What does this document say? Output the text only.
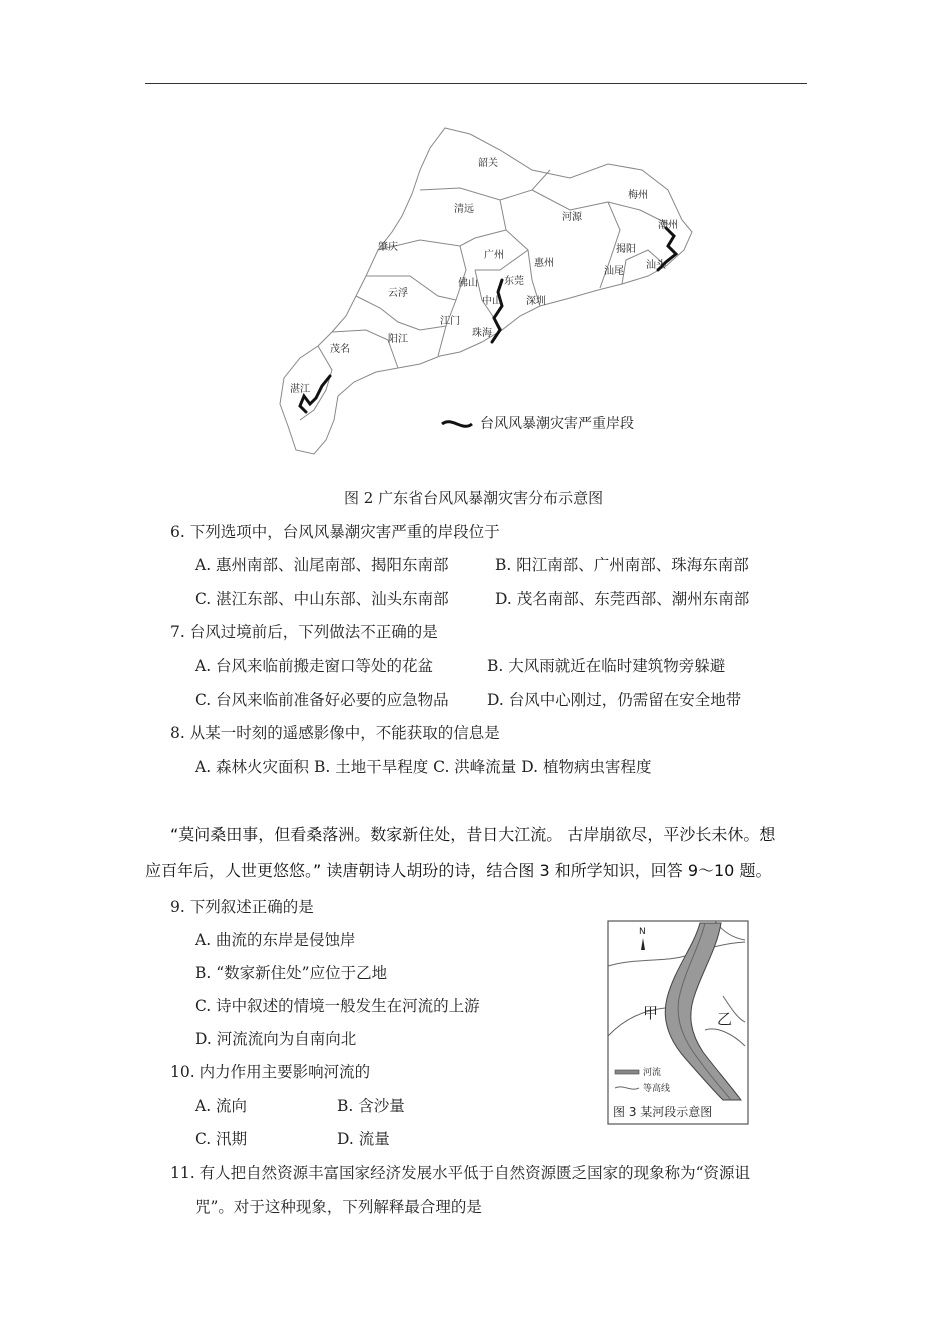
韶关
梅州
清远
河源
肇庆
广州
惠州
揭阳
潮州
佛山	东莞
汕尾
汕头
云浮
深圳
中山
江门
珠海
阳江
茂名
湛江
台风风暴潮灾害严重岸段
图 2 广东省台风风暴潮灾害分布示意图
6. 下列选项中，台风风暴潮灾害严重的岸段位于
A. 惠州南部、汕尾南部、揭阳东南部	B. 阳江南部、广州南部、珠海东南部
C. 湛江东部、中山东部、汕头东南部	D. 茂名南部、东莞西部、潮州东南部
7. 台风过境前后，下列做法不正确的是
A. 台风来临前搬走窗口等处的花盆	B. 大风雨就近在临时建筑物旁躲避
C. 台风来临前准备好必要的应急物品 D. 台风中心刚过，仍需留在安全地带
8. 从某一时刻的遥感影像中，不能获取的信息是
A. 森林火灾面积 B. 土地干旱程度 C. 洪峰流量 D. 植物病虫害程度
“莫问桑田事，但看桑落洲。数家新住处，昔日大江流。 古岸崩欲尽，平沙长未休。想
应百年后，人世更悠悠。” 读唐朝诗人胡玢的诗，结合图 3 和所学知识，回答 9～10 题。
9. 下列叙述正确的是
A. 曲流的东岸是侵蚀岸
B. “数家新住处”应位于乙地
C. 诗中叙述的情境一般发生在河流的上游
D. 河流流向为自南向北
10. 内力作用主要影响河流的
A. 流向	B. 含沙量
C. 汛期	D. 流量
11. 有人把自然资源丰富国家经济发展水平低于自然资源匮乏国家的现象称为“资源诅
咒”。对于这种现象，下列解释最合理的是
N
甲	乙
河流
等高线
图 3 某河段示意图
